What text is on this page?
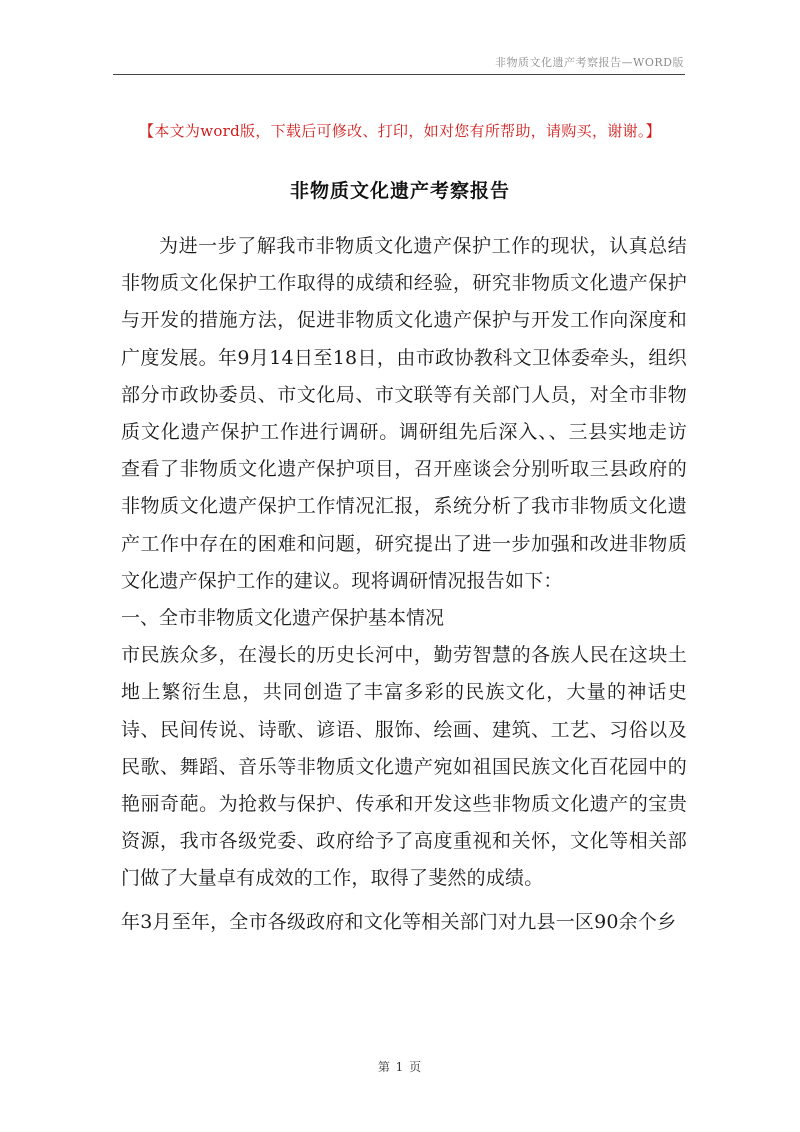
非物质文化遗产考察报告—WORD版
【本文为word版，下载后可修改、打印，如对您有所帮助，请购买，谢谢。】
非物质文化遗产考察报告

为进一步了解我市非物质文化遗产保护工作的现状，认真总结非物质文化保护工作取得的成绩和经验，研究非物质文化遗产保护与开发的措施方法，促进非物质文化遗产保护与开发工作向深度和广度发展。年9月14日至18日，由市政协教科文卫体委牵头，组织部分市政协委员、市文化局、市文联等有关部门人员，对全市非物质文化遗产保护工作进行调研。调研组先后深入、、三县实地走访查看了非物质文化遗产保护项目，召开座谈会分别听取三县政府的非物质文化遗产保护工作情况汇报，系统分析了我市非物质文化遗产工作中存在的困难和问题，研究提出了进一步加强和改进非物质文化遗产保护工作的建议。现将调研情况报告如下：

一、全市非物质文化遗产保护基本情况

市民族众多，在漫长的历史长河中，勤劳智慧的各族人民在这块土地上繁衍生息，共同创造了丰富多彩的民族文化，大量的神话史诗、民间传说、诗歌、谚语、服饰、绘画、建筑、工艺、习俗以及民歌、舞蹈、音乐等非物质文化遗产宛如祖国民族文化百花园中的艳丽奇葩。为抢救与保护、传承和开发这些非物质文化遗产的宝贵资源，我市各级党委、政府给予了高度重视和关怀，文化等相关部门做了大量卓有成效的工作，取得了斐然的成绩。

年3月至年，全市各级政府和文化等相关部门对九县一区90余个乡

第 1 页
